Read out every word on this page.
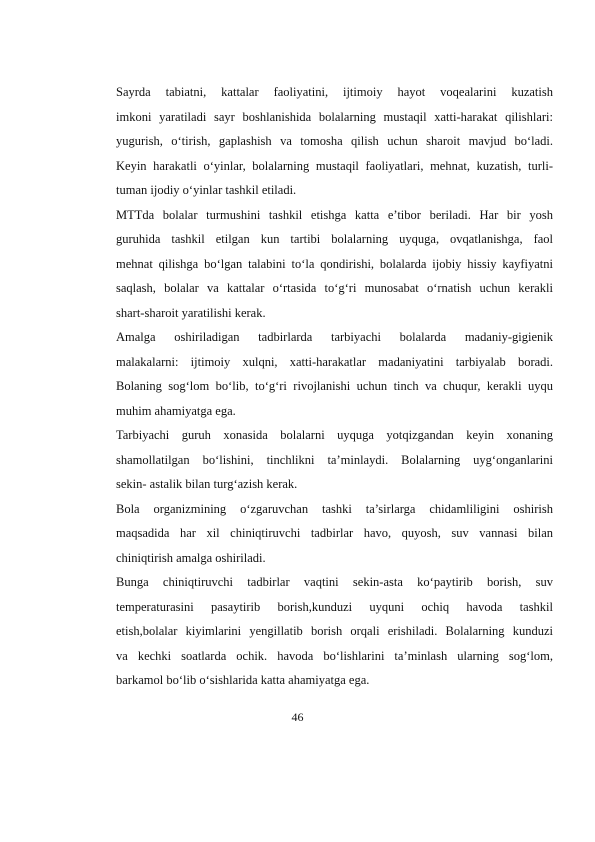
Sayrda tabiatni, kattalar faoliyatini, ijtimoiy hayot voqealarini kuzatish
imkoni yaratiladi sayr boshlanishida bolalarning mustaqil xatti-harakat qilishlari:
yugurish, o‘tirish, gaplashish va tomosha qilish uchun sharoit mavjud bo‘ladi.
Keyin harakatli o‘yinlar, bolalarning mustaqil faoliyatlari, mehnat, kuzatish, turli-
tuman ijodiy o‘yinlar tashkil etiladi.
MTTda bolalar turmushini tashkil etishga katta e’tibor beriladi. Har bir yosh
guruhida tashkil etilgan kun tartibi bolalarning uyquga, ovqatlanishga, faol
mehnat qilishga bo‘lgan talabini to‘la qondirishi, bolalarda ijobiy hissiy kayfiyatni
saqlash, bolalar va kattalar o‘rtasida to‘g‘ri munosabat o‘rnatish uchun kerakli
shart-sharoit yaratilishi kerak.
Amalga oshiriladigan tadbirlarda tarbiyachi bolalarda madaniy-gigienik
malakalarni: ijtimoiy xulqni, xatti-harakatlar madaniyatini tarbiyalab boradi.
Bolaning sog‘lom bo‘lib, to‘g‘ri rivojlanishi uchun tinch va chuqur, kerakli uyqu
muhim ahamiyatga ega.
Tarbiyachi guruh xonasida bolalarni uyquga yotqizgandan keyin xonaning
shamollatilgan bo‘lishini, tinchlikni ta’minlaydi. Bolalarning uyg‘onganlarini
sekin- astalik bilan turg‘azish kerak.
Bola organizmining o‘zgaruvchan tashki ta’sirlarga chidamliligini oshirish
maqsadida har xil chiniqtiruvchi tadbirlar havo, quyosh, suv vannasi bilan
chiniqtirish amalga oshiriladi.
Bunga chiniqtiruvchi tadbirlar vaqtini sekin-asta ko‘paytirib borish, suv
temperaturasini pasaytirib borish,kunduzi uyquni ochiq havoda tashkil
etish,bolalar kiyimlarini yengillatib borish orqali erishiladi. Bolalarning kunduzi
va kechki soatlarda ochik. havoda bo‘lishlarini ta’minlash ularning sog‘lom,
barkamol bo‘lib o‘sishlarida katta ahamiyatga ega.
46
